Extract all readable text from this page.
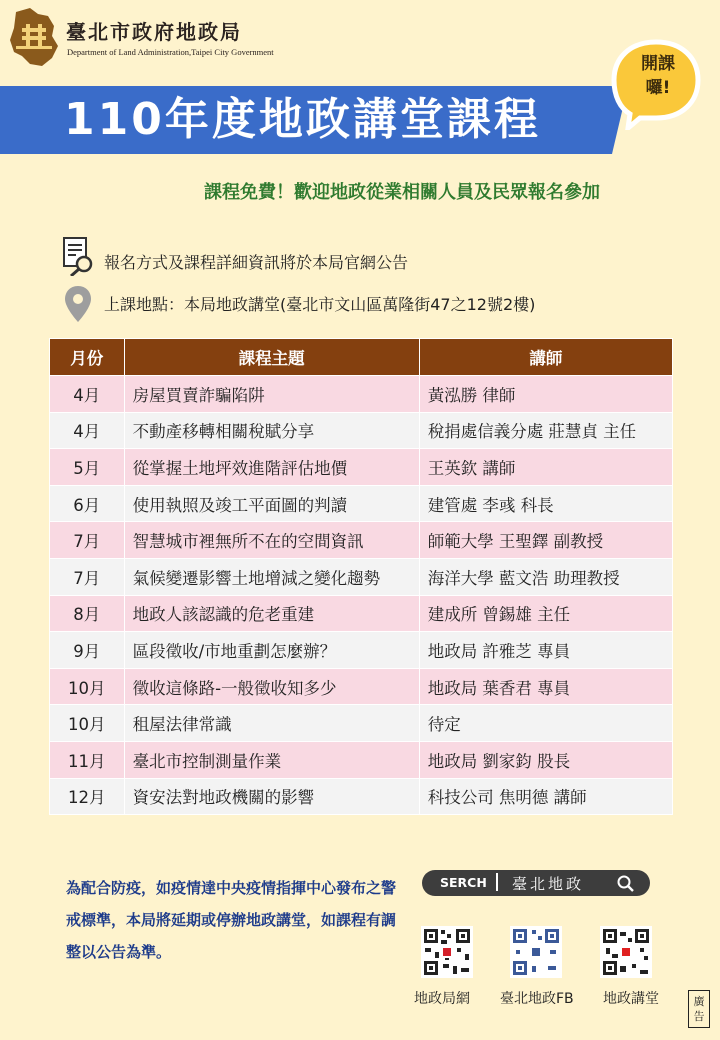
臺北市政府地政局
Department of Land Administration,Taipei City Government
110年度地政講堂課程
開課
囉!
課程免費！歡迎地政從業相關人員及民眾報名參加
報名方式及課程詳細資訊將於本局官網公告
上課地點：本局地政講堂(臺北市文山區萬隆街47之12號2樓)
月份	課程主題	講師
4月	房屋買賣詐騙陷阱	黃泓勝 律師
4月	不動產移轉相關稅賦分享	稅捐處信義分處 莊慧貞 主任
5月	從掌握土地坪效進階評估地價	王英欽 講師
6月	使用執照及竣工平面圖的判讀	建管處 李彧 科長
7月	智慧城市裡無所不在的空間資訊	師範大學 王聖鐸 副教授
7月	氣候變遷影響土地增減之變化趨勢	海洋大學 藍文浩 助理教授
8月	地政人該認識的危老重建	建成所 曾錫雄 主任
9月	區段徵收/市地重劃怎麼辦？	地政局 許雅芝 專員
10月	徵收這條路-一般徵收知多少	地政局 葉香君 專員
10月	租屋法律常識	待定
11月	臺北市控制測量作業	地政局 劉家鈞 股長
12月	資安法對地政機關的影響	科技公司 焦明德 講師
為配合防疫，如疫情達中央疫情指揮中心發布之警戒標準，本局將延期或停辦地政講堂，如課程有調整以公告為準。
SERCH 臺北地政
地政局網 臺北地政FB 地政講堂	廣告
